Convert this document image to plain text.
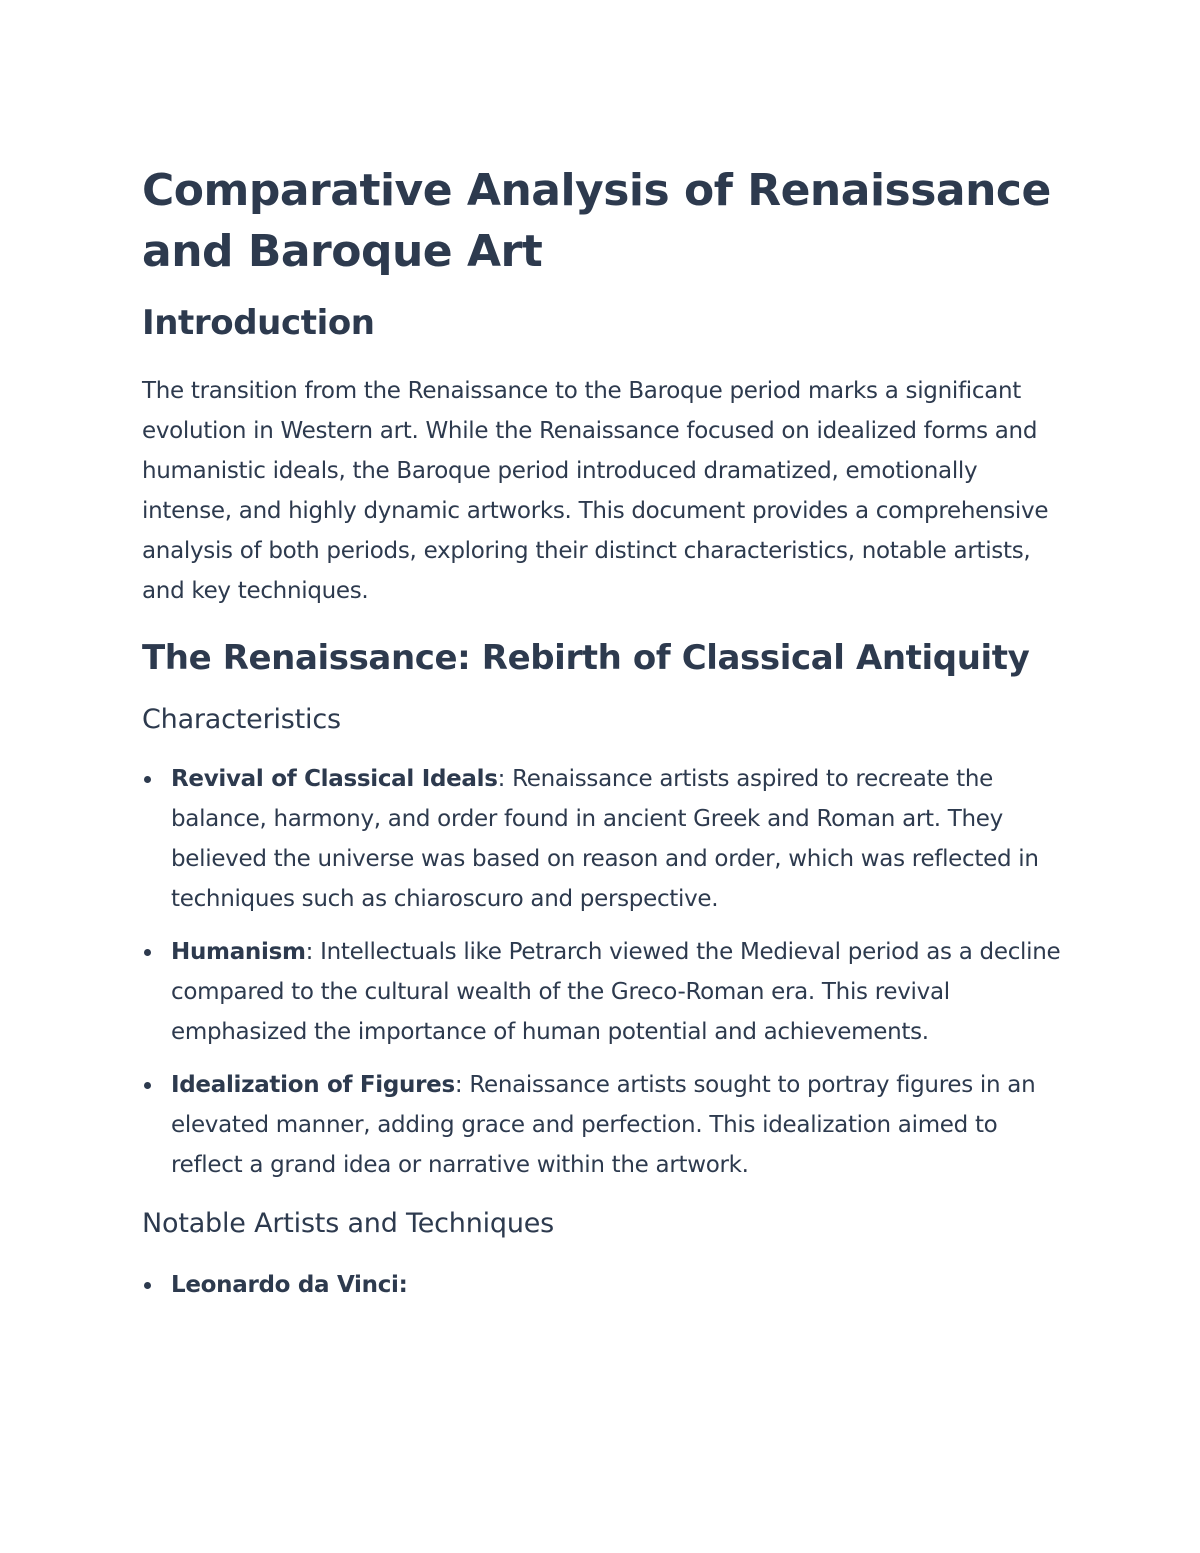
Comparative Analysis of Renaissance and Baroque Art
Introduction

The transition from the Renaissance to the Baroque period marks a significant evolution in Western art. While the Renaissance focused on idealized forms and humanistic ideals, the Baroque period introduced dramatized, emotionally intense, and highly dynamic artworks. This document provides a comprehensive analysis of both periods, exploring their distinct characteristics, notable artists, and key techniques.

The Renaissance: Rebirth of Classical Antiquity
Characteristics
Revival of Classical Ideals: Renaissance artists aspired to recreate the balance, harmony, and order found in ancient Greek and Roman art. They believed the universe was based on reason and order, which was reflected in techniques such as chiaroscuro and perspective.
Humanism: Intellectuals like Petrarch viewed the Medieval period as a decline compared to the cultural wealth of the Greco-Roman era. This revival emphasized the importance of human potential and achievements.
Idealization of Figures: Renaissance artists sought to portray figures in an elevated manner, adding grace and perfection. This idealization aimed to reflect a grand idea or narrative within the artwork.
Notable Artists and Techniques
Leonardo da Vinci:
